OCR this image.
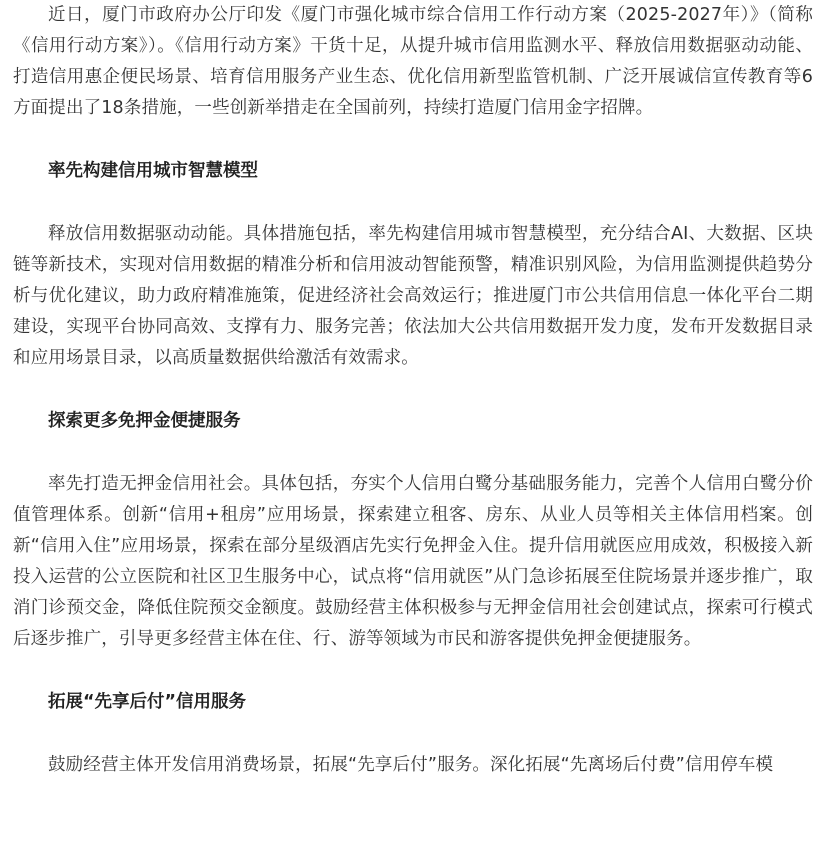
近日，厦门市政府办公厅印发《厦门市强化城市综合信用工作行动方案（2025-2027年）》（简称《信用行动方案》）。《信用行动方案》干货十足，从提升城市信用监测水平、释放信用数据驱动动能、打造信用惠企便民场景、培育信用服务产业生态、优化信用新型监管机制、广泛开展诚信宣传教育等6方面提出了18条措施，一些创新举措走在全国前列，持续打造厦门信用金字招牌。

率先构建信用城市智慧模型

释放信用数据驱动动能。具体措施包括，率先构建信用城市智慧模型，充分结合AI、大数据、区块链等新技术，实现对信用数据的精准分析和信用波动智能预警，精准识别风险，为信用监测提供趋势分析与优化建议，助力政府精准施策，促进经济社会高效运行；推进厦门市公共信用信息一体化平台二期建设，实现平台协同高效、支撑有力、服务完善；依法加大公共信用数据开发力度，发布开发数据目录和应用场景目录，以高质量数据供给激活有效需求。

探索更多免押金便捷服务

率先打造无押金信用社会。具体包括，夯实个人信用白鹭分基础服务能力，完善个人信用白鹭分价值管理体系。创新“信用+租房”应用场景，探索建立租客、房东、从业人员等相关主体信用档案。创新“信用入住”应用场景，探索在部分星级酒店先实行免押金入住。提升信用就医应用成效，积极接入新投入运营的公立医院和社区卫生服务中心，试点将“信用就医”从门急诊拓展至住院场景并逐步推广，取消门诊预交金，降低住院预交金额度。鼓励经营主体积极参与无押金信用社会创建试点，探索可行模式后逐步推广，引导更多经营主体在住、行、游等领域为市民和游客提供免押金便捷服务。

拓展“先享后付”信用服务

鼓励经营主体开发信用消费场景，拓展“先享后付”服务。深化拓展“先离场后付费”信用停车模
